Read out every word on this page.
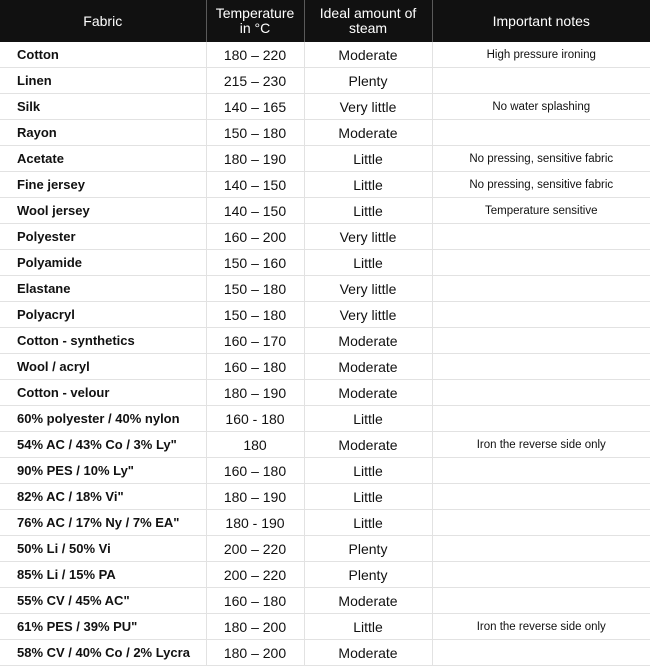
Fabric	Temperature in °C	Ideal amount of steam	Important notes
Cotton	180 – 220	Moderate	High pressure ironing
Linen	215 – 230	Plenty	
Silk	140 – 165	Very little	No water splashing
Rayon	150 – 180	Moderate	
Acetate	180 – 190	Little	No pressing, sensitive fabric
Fine jersey	140 – 150	Little	No pressing, sensitive fabric
Wool jersey	140 – 150	Little	Temperature sensitive
Polyester	160 – 200	Very little	
Polyamide	150 – 160	Little	
Elastane	150 – 180	Very little	
Polyacryl	150 – 180	Very little	
Cotton - synthetics	160 – 170	Moderate	
Wool / acryl	160 – 180	Moderate	
Cotton - velour	180 – 190	Moderate	
60% polyester / 40% nylon	160 - 180	Little	
54% AC / 43% Co / 3% Ly"	180	Moderate	Iron the reverse side only
90% PES / 10% Ly"	160 – 180	Little	
82% AC / 18% Vi"	180 – 190	Little	
76% AC / 17% Ny / 7% EA"	180 - 190	Little	
50% Li / 50% Vi	200 – 220	Plenty	
85% Li / 15% PA	200 – 220	Plenty	
55% CV / 45% AC"	160 – 180	Moderate	
61% PES / 39% PU"	180 – 200	Little	Iron the reverse side only
58% CV / 40% Co / 2% Lycra	180 – 200	Moderate	
